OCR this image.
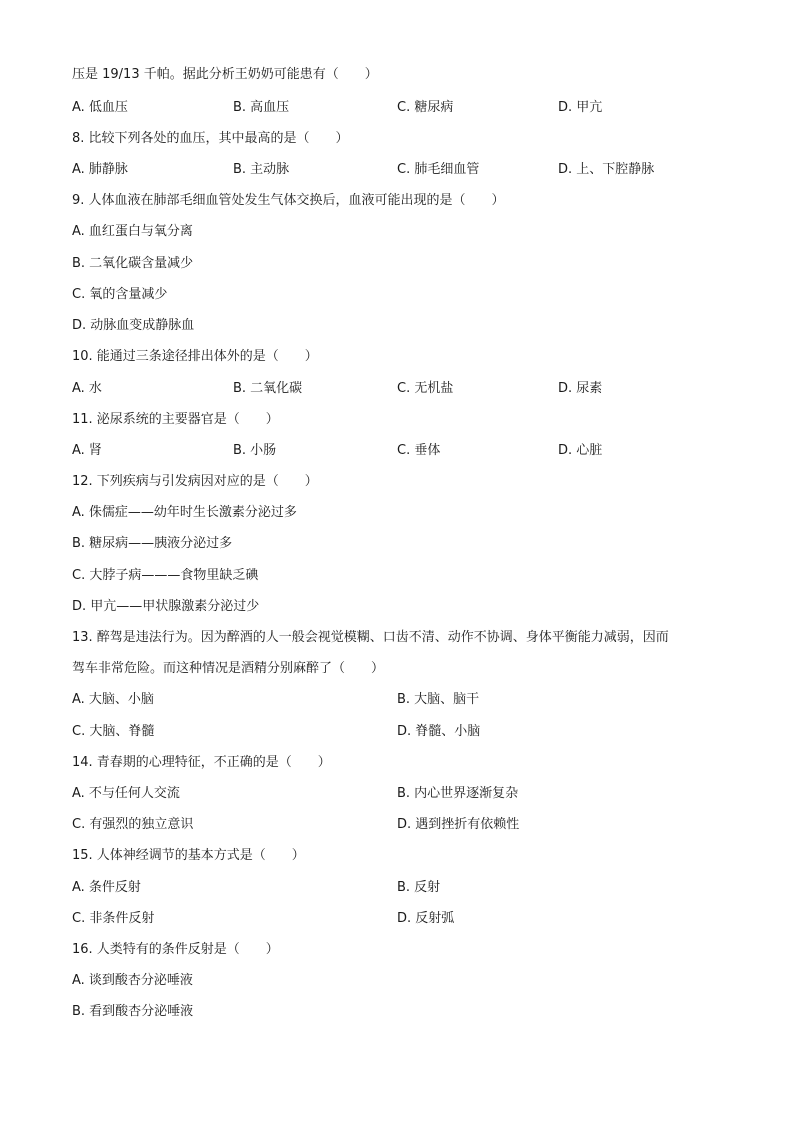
压是 19/13 千帕。据此分析王奶奶可能患有（　　）
A. 低血压	B. 高血压	C. 糖尿病	D. 甲亢
8. 比较下列各处的血压，其中最高的是（　　）
A. 肺静脉	B. 主动脉	C. 肺毛细血管	D. 上、下腔静脉
9. 人体血液在肺部毛细血管处发生气体交换后，血液可能出现的是（　　）
A. 血红蛋白与氧分离
B. 二氧化碳含量减少
C. 氧的含量减少
D. 动脉血变成静脉血
10. 能通过三条途径排出体外的是（　　）
A. 水	B. 二氧化碳	C. 无机盐	D. 尿素
11. 泌尿系统的主要器官是（　　）
A. 肾	B. 小肠	C. 垂体	D. 心脏
12. 下列疾病与引发病因对应的是（　　）
A. 侏儒症——幼年时生长激素分泌过多
B. 糖尿病——胰液分泌过多
C. 大脖子病———食物里缺乏碘
D. 甲亢——甲状腺激素分泌过少
13. 醉驾是违法行为。因为醉酒的人一般会视觉模糊、口齿不清、动作不协调、身体平衡能力减弱，因而
驾车非常危险。而这种情况是酒精分别麻醉了（　　）
A. 大脑、小脑	B. 大脑、脑干
C. 大脑、脊髓	D. 脊髓、小脑
14. 青春期的心理特征，不正确的是（　　）
A. 不与任何人交流	B. 内心世界逐渐复杂
C. 有强烈的独立意识	D. 遇到挫折有依赖性
15. 人体神经调节的基本方式是（　　）
A. 条件反射	B. 反射
C. 非条件反射	D. 反射弧
16. 人类特有的条件反射是（　　）
A. 谈到酸杏分泌唾液
B. 看到酸杏分泌唾液
